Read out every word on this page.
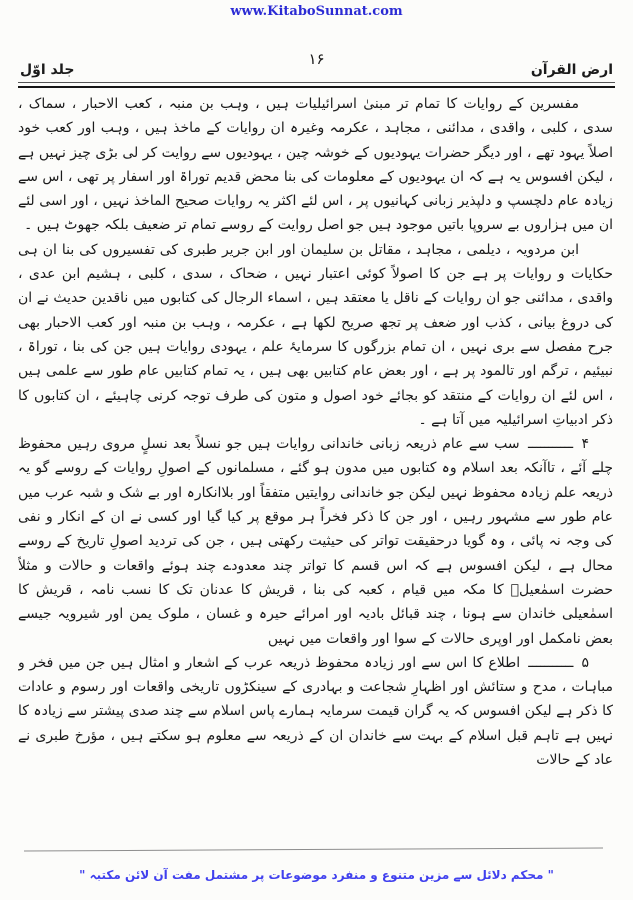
www.KitaboSunnat.com
ارض القرآن
۱۶
جلد اوّل

مفسرین کے روایات کا تمام تر مبنیٰ اسرائیلیات ہیں ، وہب بن منبہ ، کعب الاحبار ، سماک ، سدی ، کلبی ، واقدی ، مدائنی ، مجاہد ، عکرمہ وغیرہ ان روایات کے ماخذ ہیں ، وہب اور کعب خود اصلاً یہود تھے ، اور دیگر حضرات یہودیوں کے خوشہ چین ، یہودیوں سے روایت کر لی بڑی چیز نہیں ہے ، لیکن افسوس یہ ہے کہ ان یہودیوں کے معلومات کی بنا محض قدیم توراۃ اور اسفار پر تھی ، اس سے زیادہ عام دلچسپ و دلپذیر زبانی کہانیوں پر ، اس لئے اکثر یہ روایات صحیح الماخذ نہیں ، اور اسی لئے ان میں ہزاروں بے سروپا باتیں موجود ہیں جو اصل روایت کے روسے تمام تر ضعیف بلکہ جھوٹ ہیں ۔

ابن مردویہ ، دیلمی ، مجاہد ، مقاتل بن سلیمان اور ابن جریر طبری کی تفسیروں کی بنا ان ہی حکایات و روایات پر ہے جن کا اصولاً کوئی اعتبار نہیں ، ضحاک ، سدی ، کلبی ، ہشیم ابن عدی ، واقدی ، مدائنی جو ان روایات کے ناقل یا معتقد ہیں ، اسماء الرجال کی کتابوں میں ناقدین حدیث نے ان کی دروغ بیانی ، کذب اور ضعف پر تجھ صریح لکھا ہے ، عکرمہ ، وہب بن منبہ اور کعب الاحبار بھی جرح مفصل سے بری نہیں ، ان تمام بزرگوں کا سرمایۂ علم ، یہودی روایات ہیں جن کی بنا ، توراۃ ، نبیئیم ، ترگم اور تالمود پر ہے ، اور بعض عام کتابیں بھی ہیں ، یہ تمام کتابیں عام طور سے علمی ہیں ، اس لئے ان روایات کے منتقد کو بجائے خود اصول و متون کی طرف توجہ کرنی چاہیئے ، ان کتابوں کا ذکر ادبیاتِ اسرائیلیہ میں آتا ہے ۔

۴ ـــــــــــ سب سے عام ذریعہ زبانی خاندانی روایات ہیں جو نسلاً بعد نسلٍ مروی رہیں محفوظ چلے آئے ، تاآنکہ بعد اسلام وہ کتابوں میں مدون ہو گئے ، مسلمانوں کے اصولِ روایات کے روسے گو یہ ذریعہ علم زیادہ محفوظ نہیں لیکن جو خاندانی روایتیں متفقاً اور بلاانکارہ اور بے شک و شبہ عرب میں عام طور سے مشہور رہیں ، اور جن کا ذکر فخراً ہر موقع پر کیا گیا اور کسی نے ان کے انکار و نفی کی وجہ نہ پائی ، وہ گویا درحقیقت تواتر کی حیثیت رکھتی ہیں ، جن کی تردید اصولِ تاریخ کے روسے محال ہے ، لیکن افسوس ہے کہ اس قسم کا تواتر چند معدودے چند ہوئے واقعات و حالات و مثلاً حضرت اسمٰعیلؑ کا مکہ میں قیام ، کعبہ کی بنا ، قریش کا عدنان تک کا نسب نامہ ، قریش کا اسمٰعیلی خاندان سے ہونا ، چند قبائل بادیہ اور امرائے حیرہ و غسان ، ملوک یمن اور شیرویہ جیسے بعض نامکمل اور اوپری حالات کے سوا اور واقعات میں نہیں

۵ ـــــــــــ اطلاع کا اس سے اور زیادہ محفوظ ذریعہ عرب کے اشعار و امثال ہیں جن میں فخر و مباہات ، مدح و ستائش اور اظہارِ شجاعت و بہادری کے سینکڑوں تاریخی واقعات اور رسوم و عادات کا ذکر ہے لیکن افسوس کہ یہ گران قیمت سرمایہ ہمارے پاس اسلام سے چند صدی پیشتر سے زیادہ کا نہیں ہے تاہم قبل اسلام کے بہت سے خاندان ان کے ذریعہ سے معلوم ہو سکتے ہیں ، مؤرخ طبری نے عاد کے حالات

" محکم دلائل سے مزین متنوع و منفرد موضوعات پر مشتمل مفت آن لائن مکتبہ "
